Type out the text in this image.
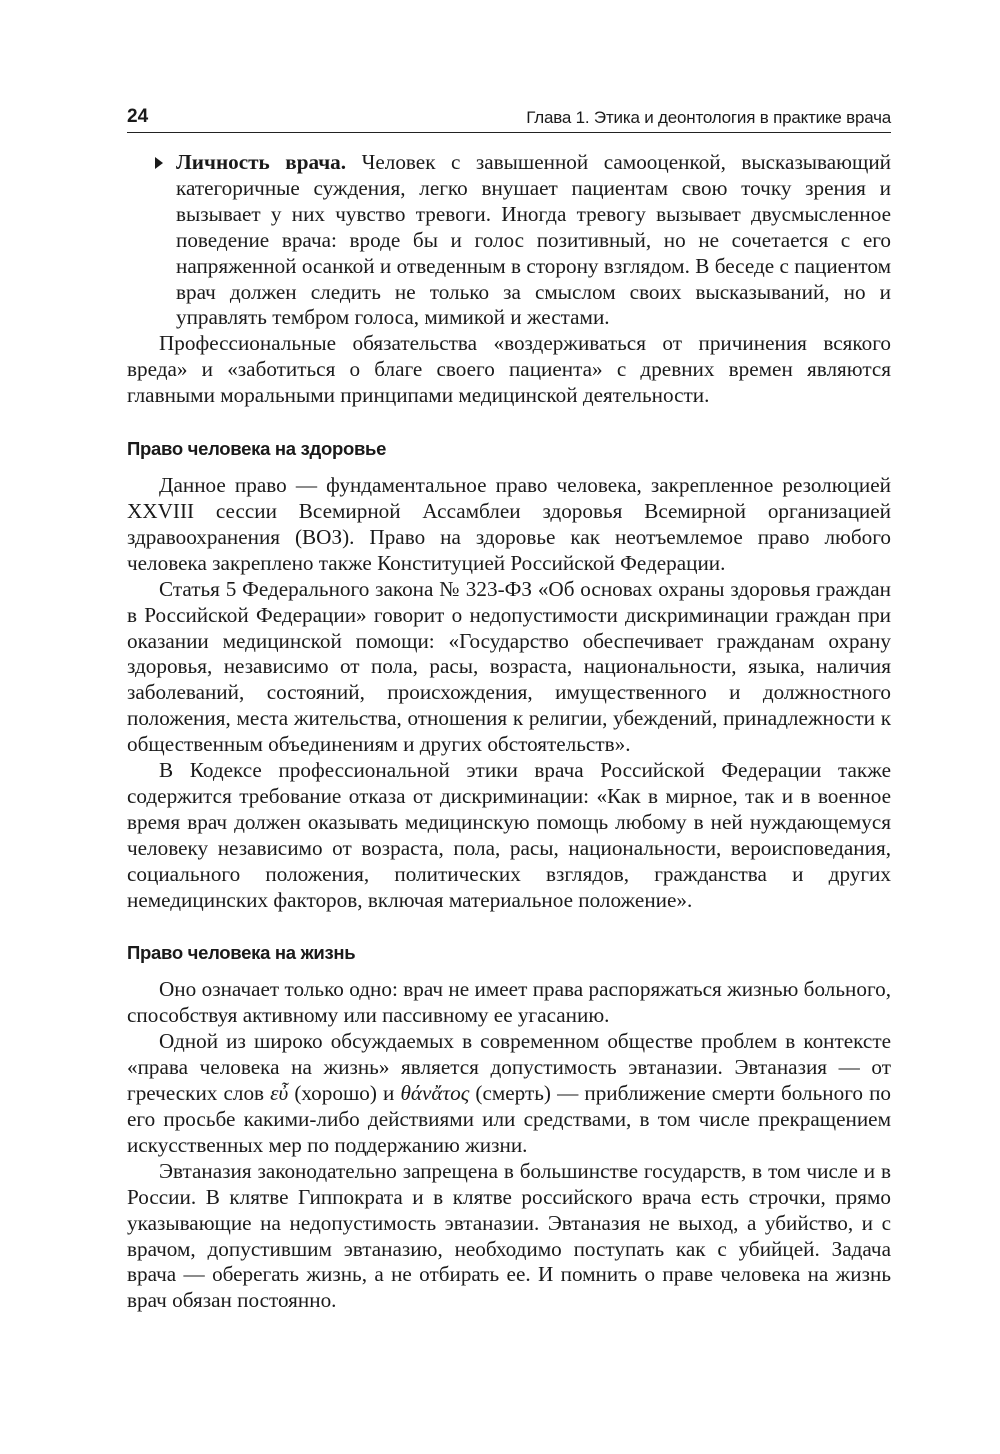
24	Глава 1. Этика и деонтология в практике врача

Личность врача. Человек с завышенной самооценкой, высказывающий категоричные суждения, легко внушает пациентам свою точку зрения и вызывает у них чувство тревоги. Иногда тревогу вызывает двусмысленное поведение врача: вроде бы и голос позитивный, но не сочетается с его напряженной осанкой и отведенным в сторону взглядом. В беседе с пациентом врач должен следить не только за смыслом своих высказываний, но и управлять тембром голоса, мимикой и жестами.

Профессиональные обязательства «воздерживаться от причинения всякого вреда» и «заботиться о благе своего пациента» с древних времен являются главными моральными принципами медицинской деятельности.

Право человека на здоровье

Данное право — фундаментальное право человека, закрепленное резолюцией XXVIII сессии Всемирной Ассамблеи здоровья Всемирной организацией здравоохранения (ВОЗ). Право на здоровье как неотъемлемое право любого человека закреплено также Конституцией Российской Федерации.

Статья 5 Федерального закона № 323-ФЗ «Об основах охраны здоровья граждан в Российской Федерации» говорит о недопустимости дискриминации граждан при оказании медицинской помощи: «Государство обеспечивает гражданам охрану здоровья, независимо от пола, расы, возраста, национальности, языка, наличия заболеваний, состояний, происхождения, имущественного и должностного положения, места жительства, отношения к религии, убеждений, принадлежности к общественным объединениям и других обстоятельств».

В Кодексе профессиональной этики врача Российской Федерации также содержится требование отказа от дискриминации: «Как в мирное, так и в военное время врач должен оказывать медицинскую помощь любому в ней нуждающемуся человеку независимо от возраста, пола, расы, национальности, вероисповедания, социального положения, политических взглядов, гражданства и других немедицинских факторов, включая материальное положение».

Право человека на жизнь

Оно означает только одно: врач не имеет права распоряжаться жизнью больного, способствуя активному или пассивному ее угасанию.

Одной из широко обсуждаемых в современном обществе проблем в контексте «права человека на жизнь» является допустимость эвтаназии. Эвтаназия — от греческих слов εὖ (хорошо) и θάνἄτος (смерть) — приближение смерти больного по его просьбе какими-либо действиями или средствами, в том числе прекращением искусственных мер по поддержанию жизни.

Эвтаназия законодательно запрещена в большинстве государств, в том числе и в России. В клятве Гиппократа и в клятве российского врача есть строчки, прямо указывающие на недопустимость эвтаназии. Эвтаназия не выход, а убийство, и с врачом, допустившим эвтаназию, необходимо поступать как с убийцей. Задача врача — оберегать жизнь, а не отбирать ее. И помнить о праве человека на жизнь врач обязан постоянно.
